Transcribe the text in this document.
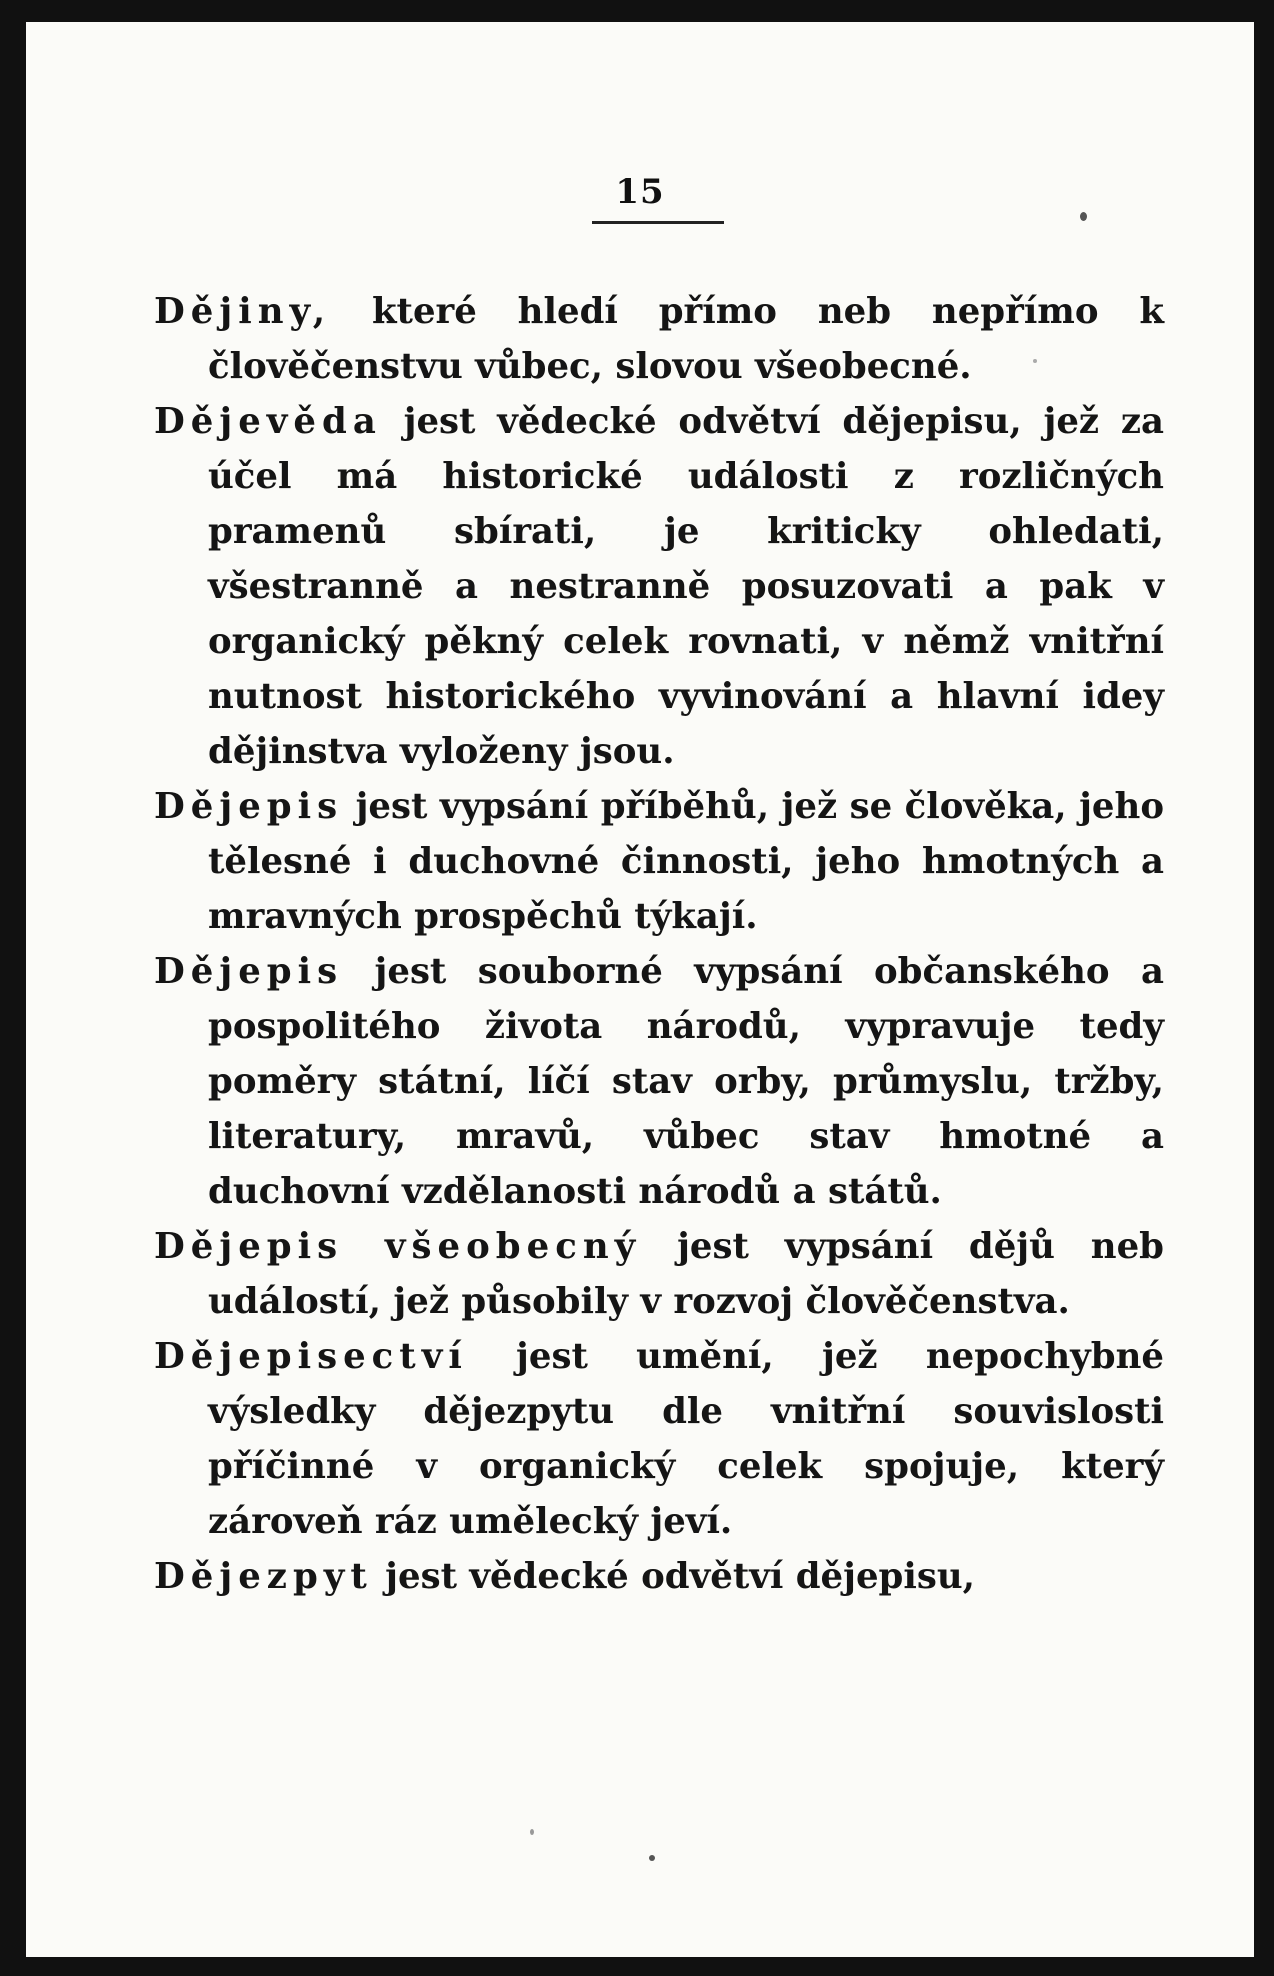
15

Dějiny, které hledí přímo neb nepřímo k člověčenstvu vůbec, slovou všeobecné.

Dějevěda jest vědecké odvětví dějepisu, jež za účel má historické události z rozličných pramenů sbírati, je kriticky ohledati, všestranně a nestranně posuzovati a pak v organický pěkný celek rovnati, v němž vnitřní nutnost historického vyvinování a hlavní idey dějinstva vyloženy jsou.

Dějepis jest vypsání příběhů, jež se člověka, jeho tělesné i duchovné činnosti, jeho hmotných a mravných prospěchů týkají.

Dějepis jest souborné vypsání občanského a pospolitého života národů, vypravuje tedy poměry státní, líčí stav orby, průmyslu, tržby, literatury, mravů, vůbec stav hmotné a duchovní vzdělanosti národů a států.

Dějepis všeobecný jest vypsání dějů neb událostí, jež působily v rozvoj člověčenstva.

Dějepisectví jest umění, jež nepochybné výsledky dějezpytu dle vnitřní souvislosti příčinné v organický celek spojuje, který zároveň ráz umělecký jeví.

Dějezpyt jest vědecké odvětví dějepisu,
